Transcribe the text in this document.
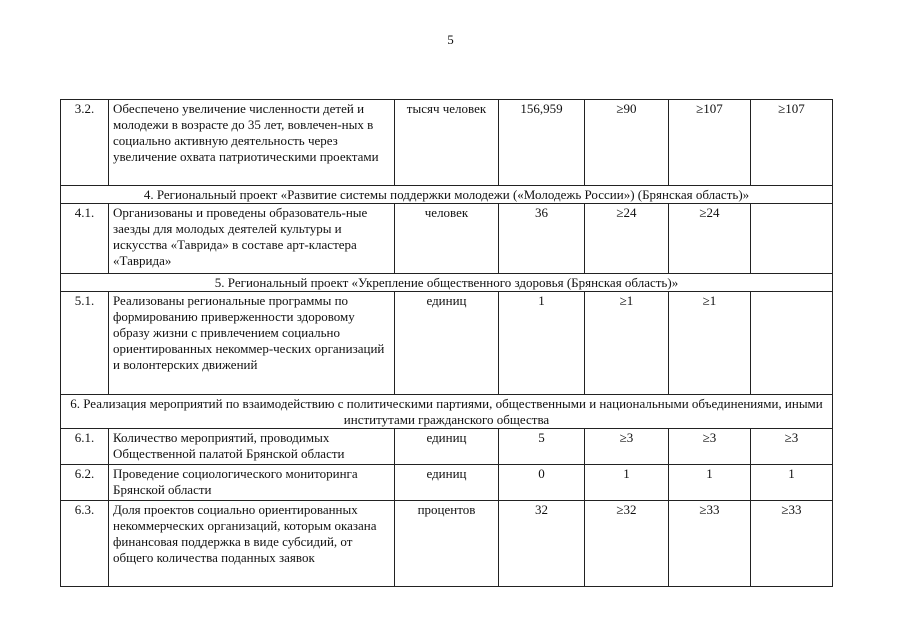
5
3.2.	Обеспечено увеличение численности детей и молодежи в возрасте до 35 лет, вовлечен-ных в социально активную деятельность через увеличение охвата патриотическими проектами	тысяч человек	156,959	≥90	≥107	≥107
4. Региональный проект «Развитие системы поддержки молодежи («Молодежь России») (Брянская область)»						
4.1.	Организованы и проведены образователь-ные заезды для молодых деятелей культуры и искусства «Таврида» в составе арт-кластера «Таврида»	человек	36	≥24	≥24	
5. Региональный проект «Укрепление общественного здоровья (Брянская область)»						
5.1.	Реализованы региональные программы по формированию приверженности здоровому образу жизни с привлечением социально ориентированных некоммер-ческих организаций и волонтерских движений	единиц	1	≥1	≥1	
6. Реализация мероприятий по взаимодействию с политическими партиями, общественными и национальными объединениями, иными институтами гражданского общества						
6.1.	Количество мероприятий, проводимых Общественной палатой Брянской области	единиц	5	≥3	≥3	≥3
6.2.	Проведение социологического мониторинга Брянской области	единиц	0	1	1	1
6.3.	Доля проектов социально ориентированных некоммерческих организаций, которым оказана финансовая поддержка в виде субсидий, от общего количества поданных заявок	процентов	32	≥32	≥33	≥33
